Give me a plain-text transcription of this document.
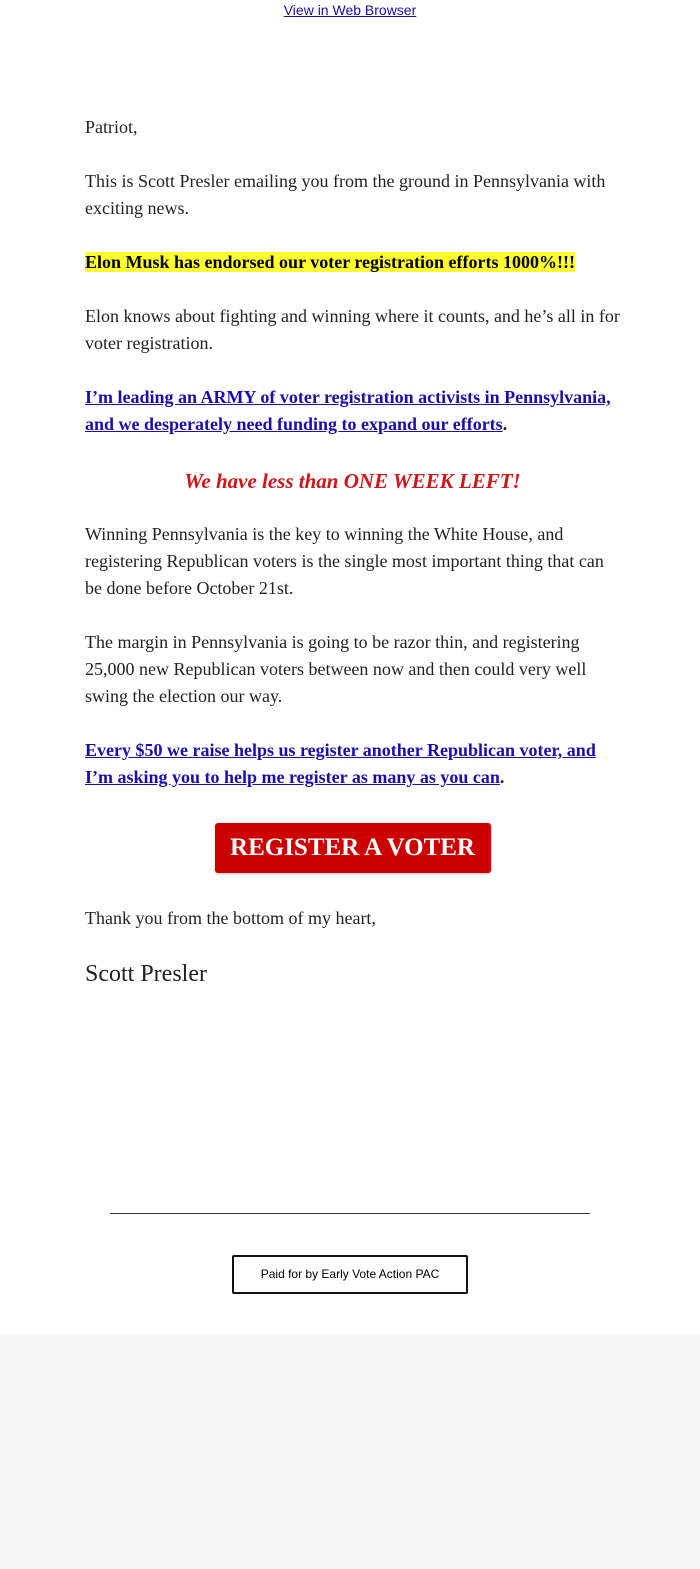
View in Web Browser

Patriot,

This is Scott Presler emailing you from the ground in Pennsylvania with exciting news.

Elon Musk has endorsed our voter registration efforts 1000%!!!

Elon knows about fighting and winning where it counts, and he’s all in for voter registration.

I’m leading an ARMY of voter registration activists in Pennsylvania, and we desperately need funding to expand our efforts.

We have less than ONE WEEK LEFT!

Winning Pennsylvania is the key to winning the White House, and registering Republican voters is the single most important thing that can be done before October 21st.

The margin in Pennsylvania is going to be razor thin, and registering 25,000 new Republican voters between now and then could very well swing the election our way.

Every $50 we raise helps us register another Republican voter, and I’m asking you to help me register as many as you can.

REGISTER A VOTER

Thank you from the bottom of my heart,

Scott Presler

Paid for by Early Vote Action PAC
